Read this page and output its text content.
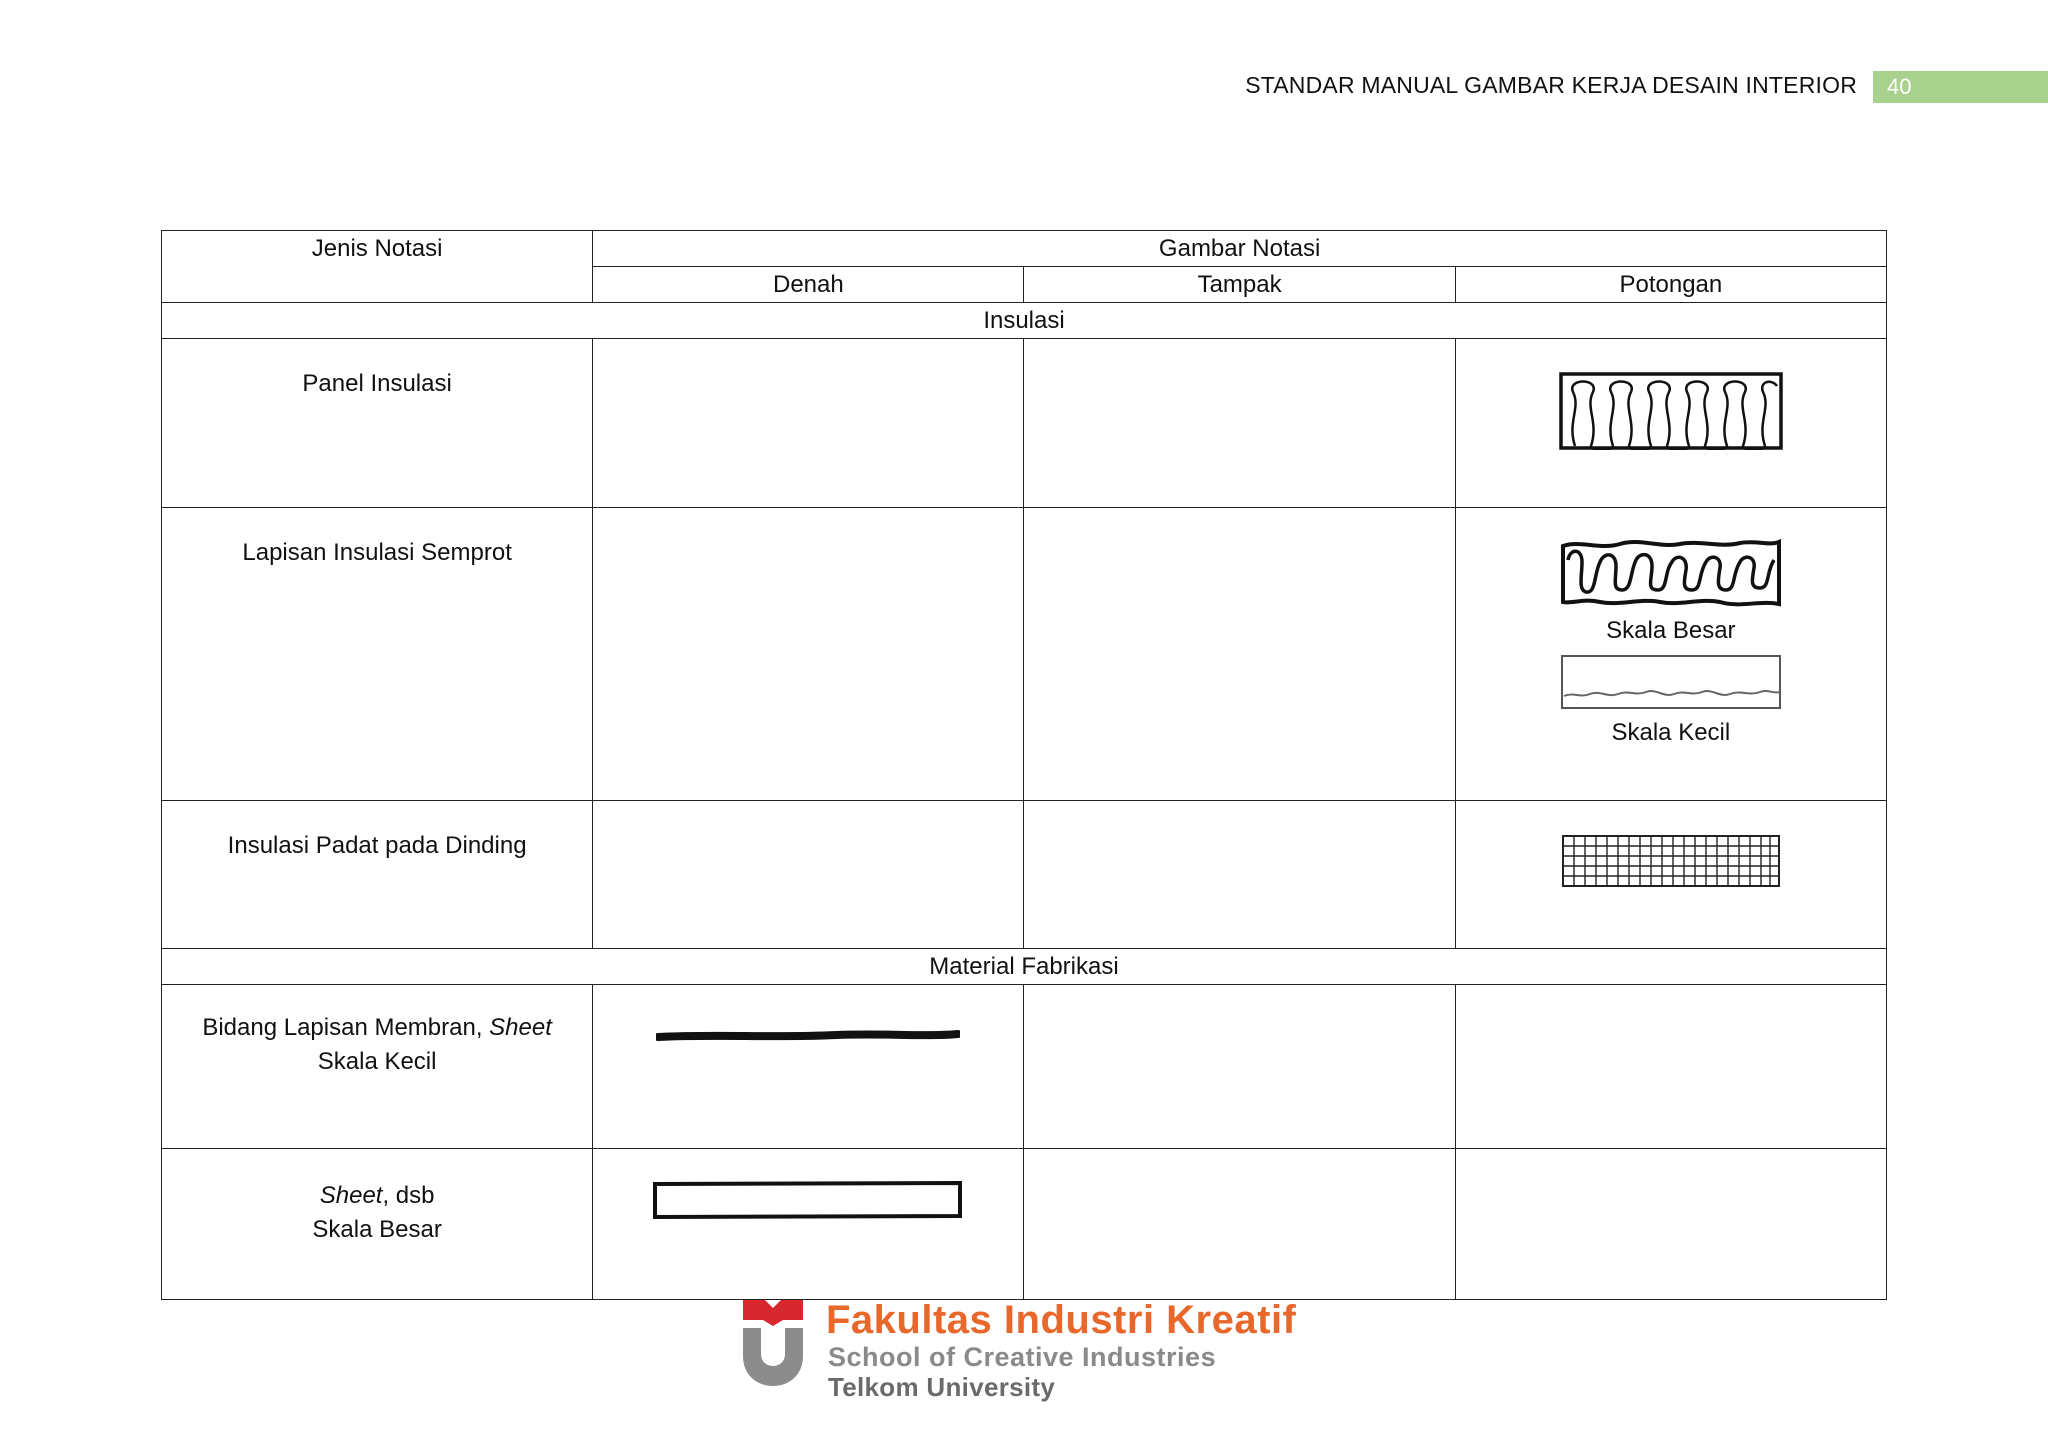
STANDAR MANUAL GAMBAR KERJA DESAIN INTERIOR	40
Jenis Notasi	Gambar Notasi		
	Denah	Tampak	Potongan
Insulasi			
Panel Insulasi			

Lapisan Insulasi Semprot			Skala Besar
Skala Kecil

Insulasi Padat pada Dinding			

Material Fabrikasi			
Bidang Lapisan Membran, Sheet
Skala Kecil	

Sheet, dsb
Skala Besar	

Fakultas Industri Kreatif
School of Creative Industries
Telkom University
